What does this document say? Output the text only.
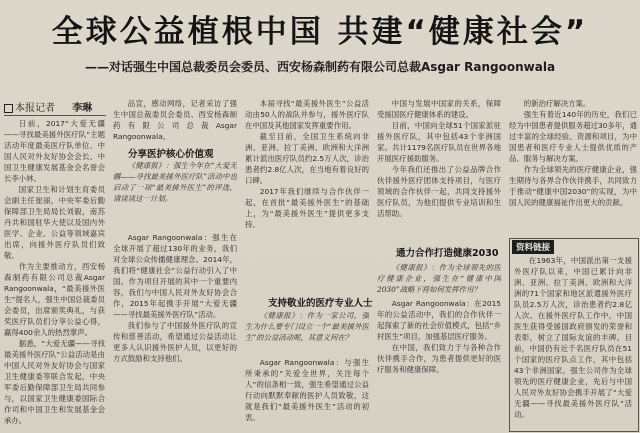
全球公益植根中国 共建“健康社会”
——对话强生中国总裁委员会委员、西安杨森制药有限公司总裁Asgar Rangoonwala
本报记者 李琳

日前，2017“大爱无疆——寻找最美援外医疗队”主题活动年度最美医疗队单位、中国人民对外友好协会会长、中国卫生健康发展基金会名誉会长李小林。

国家卫生和计划生育委员会副主任崔丽，中央军委后勤保障部卫生局局长刘毅，南苏丹共和国驻华大使以及国内外医学、企业、公益等领域嘉宾出席，向援外医疗队员们致敬。

作为主要推动方，西安杨森制药有限公司总裁Asgar Rangoonwala，“最美援外医生”提名人，强生中国总裁委员会委员，出席颁奖典礼，与获奖医疗队员们分享公益心得，赢得400余人的热烈掌声。

据悉，“大爱无疆——寻找最美援外医疗队”公益活动是由中国人民对外友好协会与国家卫生健康委等联合发起，中央军委后勤保障部卫生局共同参与，以国家卫生健康委国际合作司和中国卫生和发展基金会承办。

品宣，感动网络，记者采访了强生中国总裁委员会委员、西安杨森制药有限公司总裁Asgar Rangoonwala。

分享医护核心价值观

《健康报》：强生今年在“大爱无疆——寻找最美援外医疗队”活动中也启动了一项“最美援外医生”的评选，请谈谈这一计划。

Asgar Rangoonwala：强生在全球开展了超过130年的业务，我们对全球公众传播健康理念。2014年，我们将“健康社会”公益行动引入了中国。作为项目开展的其中一个重要内容，我们与中国人民对外友好协会合作，2015年起携手开展“大爱无疆——寻找最美援外医疗队”活动。

我们参与了中国援外医疗队的宣传和慈善活动，希望通过公益活动让更多人认识援外医护人员，以更好的方式鼓励和支持他们。

本届寻找“最美援外医生”公益活动由50人的战队并参与，援外医疗队在中国及其他国家发挥重要作用。

截至目前，全国卫生系统向非洲、亚洲、拉丁美洲、欧洲和大洋洲累计派出医疗队员约2.5万人次，诊治患者约2.8亿人次，在当地有着良好的口碑。

2017年我们继续与合作伙伴一起，在首批“最美援外医生”的基础上，为“最美援外医生”提供更多支持。

支持敬业的医疗专业人士

《健康报》：作为一家公司，强生为什么要专门设立一个“最美援外医生”的公益活动呢，其意义何在？

Asgar Rangoonwala：与强生所秉承的“关爱全世界，关注每个人”的信条相一致，强生希望通过公益行动向默默奉献的医护人员致敬，这就是我们“最美援外医生”活动的初衷。

中国与发展中国家的关系，保障受援国医疗健康体系的建设。

目前，中国向全球51个国家派驻援外医疗队，其中包括43个非洲国家。共计1179名医疗队员在世界各地开展医疗援助服务。

今年我们还推出了公益品牌合作伙伴援外医疗团体支持项目，与医疗领域的合作伙伴一起，共同支持援外医疗队员，为他们提供专业培训和生活帮助。

通力合作打造健康2030

《健康报》：作为全球领先的医疗健康企业，强生在“健康中国2030”战略下将如何发挥作用？

Asgar Rangoonwala：在2015年的公益活动中，我们的合作伙伴一起探索了新的社会价值模式，包括“乡村医生”项目，加强基层医疗服务。

在中国，我们致力于与各种合作伙伴携手合作，为患者提供更好的医疗服务和健康保障。

的新治疗解决方案。

强生有着近140年的历史，我们已经为中国患者提供服务超过30多年，通过丰富的全球经验、资源和项目，为中国患者和医疗专业人士提供优质的产品、服务与解决方案。

作为全球领先的医疗健康企业，强生期待与各界合作伙伴携手，共同致力于推动“健康中国2030”的实现，为中国人民的健康福祉作出更大的贡献。

在1963年，中国派出第一支援外医疗队以来，中国已累计向非洲、亚洲、拉丁美洲、欧洲和大洋洲的71个国家和地区派遣援外医疗队员2.5万人次，诊治患者约2.8亿人次。在援外医疗队工作中，中国医生获得受援国政府颁发的荣誉和表彰，树立了国际友谊的丰碑。目前，中国仍有近千名医疗队员在51个国家的医疗队点工作，其中包括43个非洲国家。强生公司作为全球领先的医疗健康企业，先后与中国人民对外友好协会携手开展了“大爱无疆——寻找最美援外医疗队”活动。

资料链接
